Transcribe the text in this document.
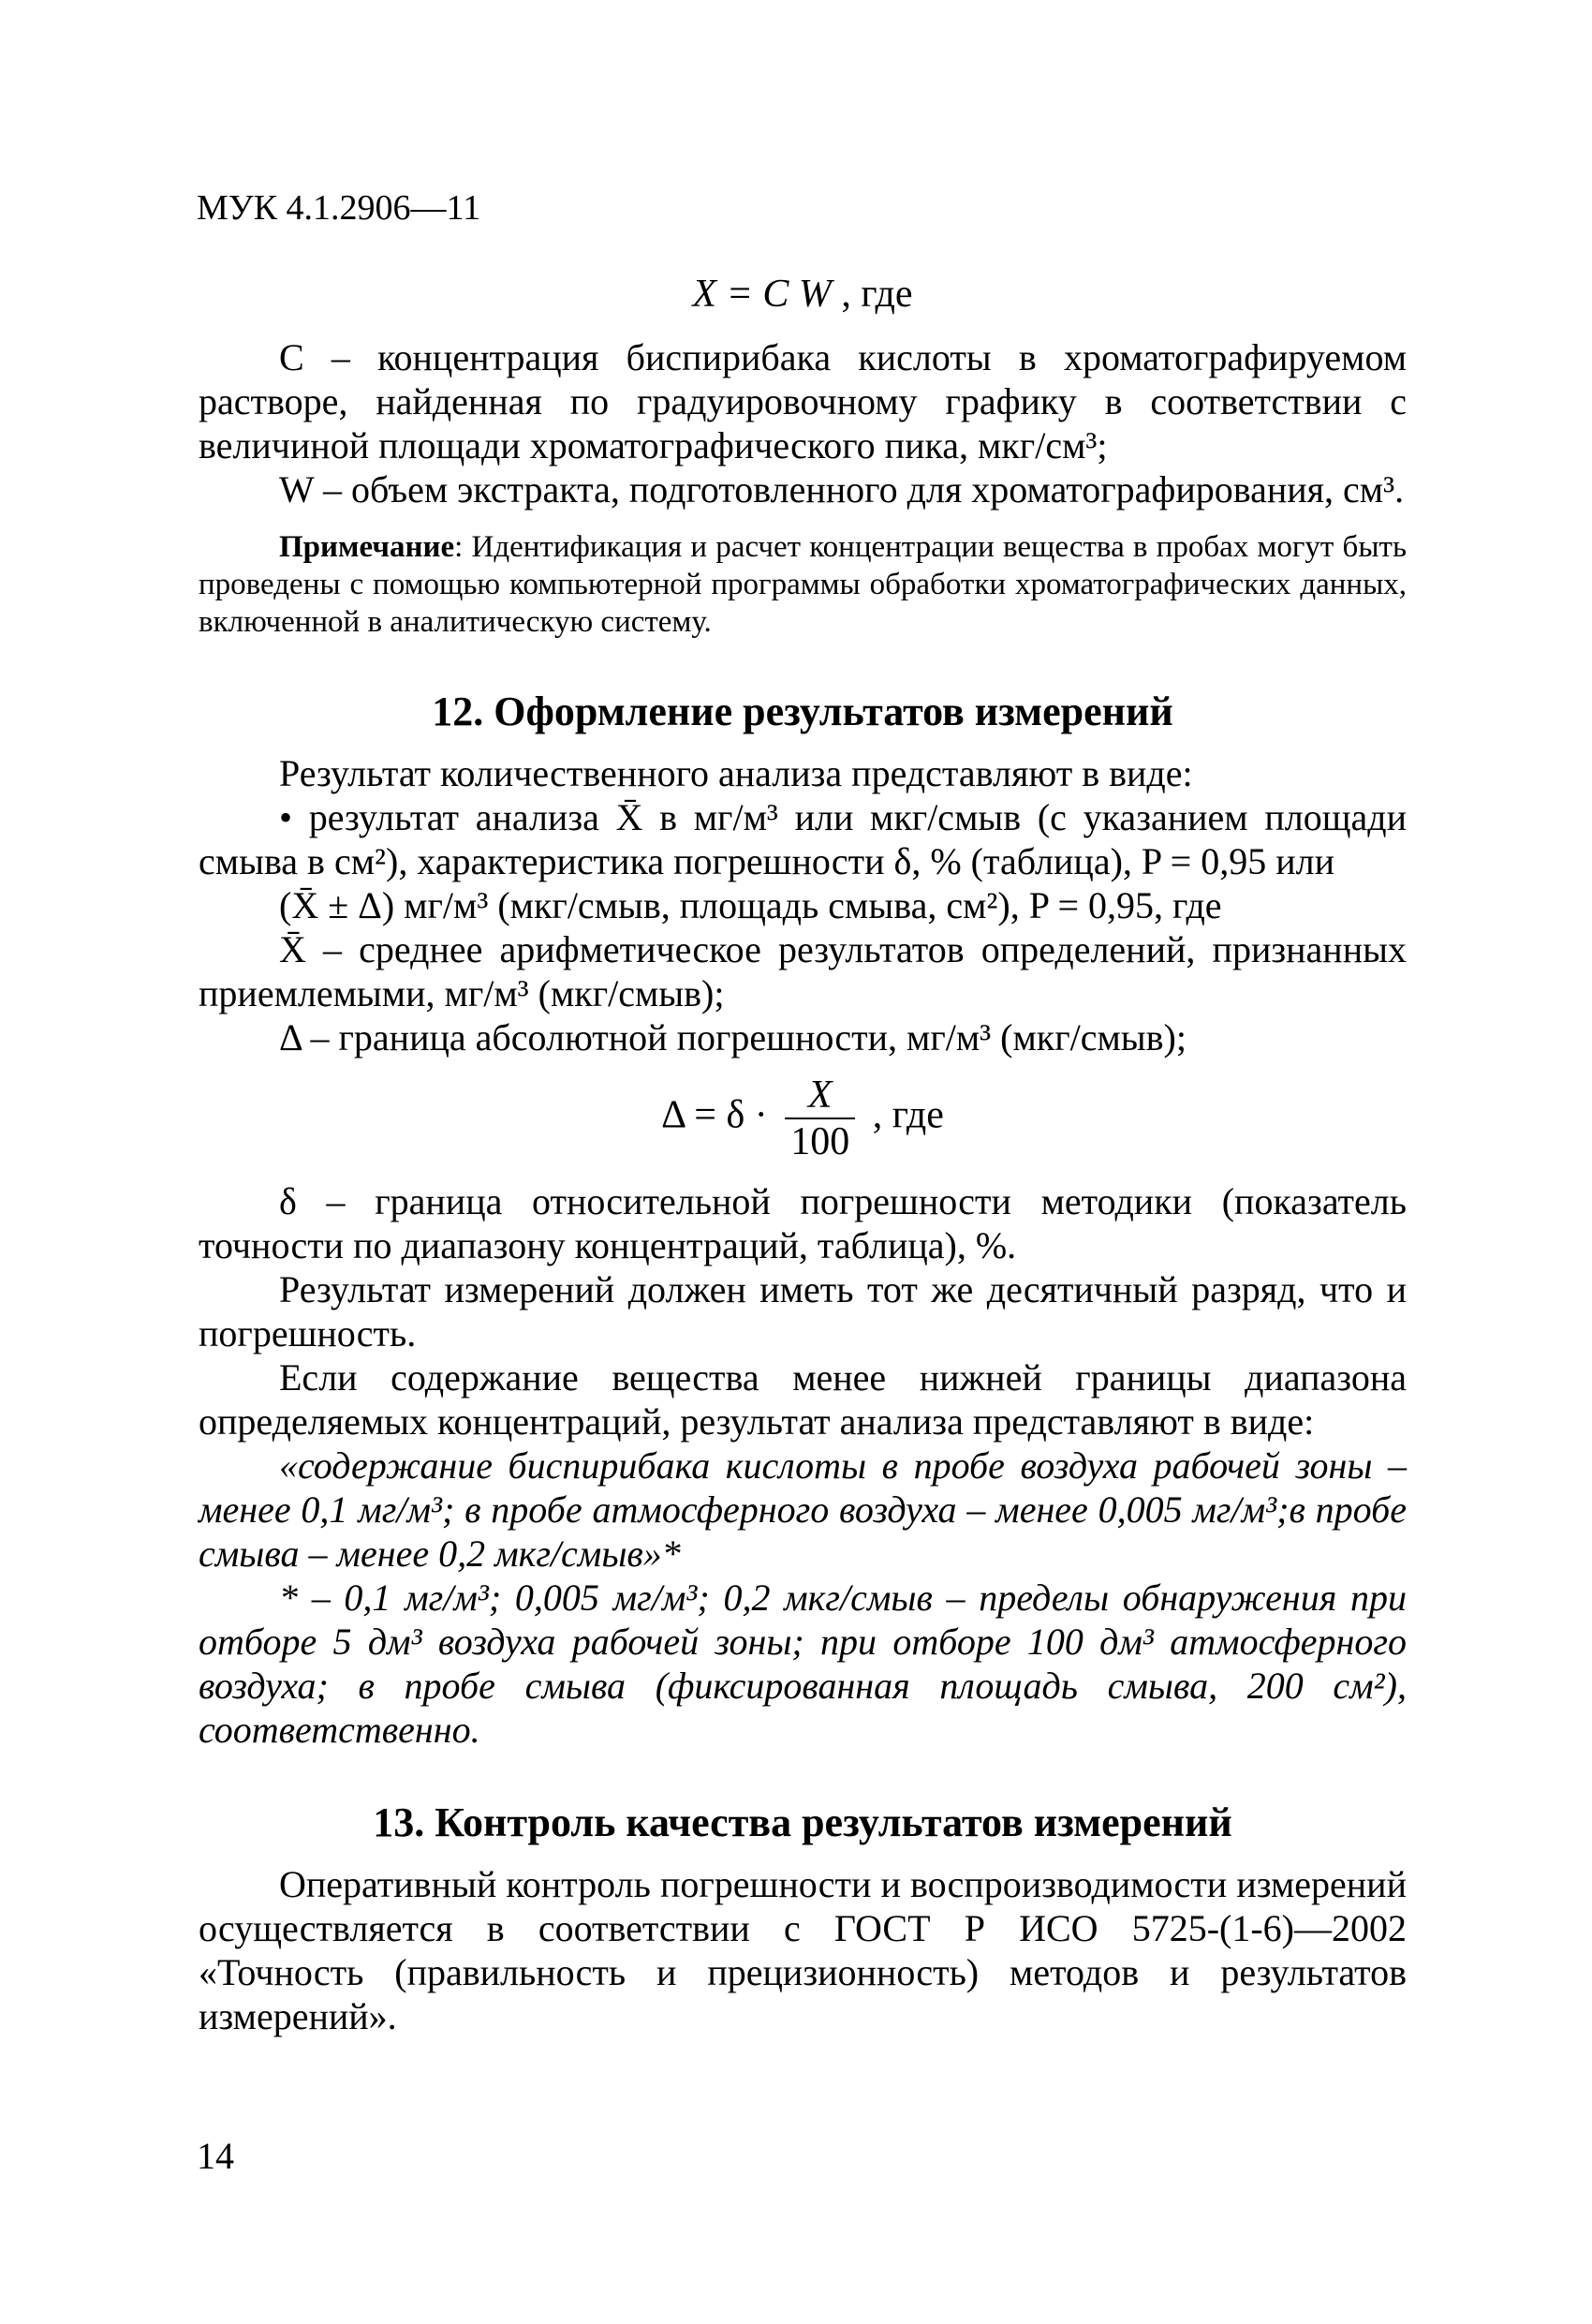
МУК 4.1.2906—11
X = C W , где

C – концентрация биспирибака кислоты в хроматографируемом растворе, найденная по градуировочному графику в соответствии с величиной площади хроматографического пика, мкг/см³;

W – объем экстракта, подготовленного для хроматографирования, см³.

Примечание: Идентификация и расчет концентрации вещества в пробах могут быть проведены с помощью компьютерной программы обработки хроматографических данных, включенной в аналитическую систему.

12. Оформление результатов измерений

Результат количественного анализа представляют в виде:

• результат анализа X̄ в мг/м³ или мкг/смыв (с указанием площади смыва в см²), характеристика погрешности δ, % (таблица), P = 0,95 или

(X̄ ± Δ) мг/м³ (мкг/смыв, площадь смыва, см²), P = 0,95, где

X̄ – среднее арифметическое результатов определений, признанных приемлемыми, мг/м³ (мкг/смыв);

Δ – граница абсолютной погрешности, мг/м³ (мкг/смыв);

$\Delta = \delta \cdot \frac{X}{100}$ , где

δ – граница относительной погрешности методики (показатель точности по диапазону концентраций, таблица), %.

Результат измерений должен иметь тот же десятичный разряд, что и погрешность.

Если содержание вещества менее нижней границы диапазона определяемых концентраций, результат анализа представляют в виде:

«содержание биспирибака кислоты в пробе воздуха рабочей зоны – менее 0,1 мг/м³; в пробе атмосферного воздуха – менее 0,005 мг/м³;в пробе смыва – менее 0,2 мкг/смыв»*

* – 0,1 мг/м³; 0,005 мг/м³; 0,2 мкг/смыв – пределы обнаружения при отборе 5 дм³ воздуха рабочей зоны; при отборе 100 дм³ атмосферного воздуха; в пробе смыва (фиксированная площадь смыва, 200 см²), соответственно.

13. Контроль качества результатов измерений

Оперативный контроль погрешности и воспроизводимости измерений осуществляется в соответствии с ГОСТ Р ИСО 5725-(1-6)—2002 «Точность (правильность и прецизионность) методов и результатов измерений».

14
